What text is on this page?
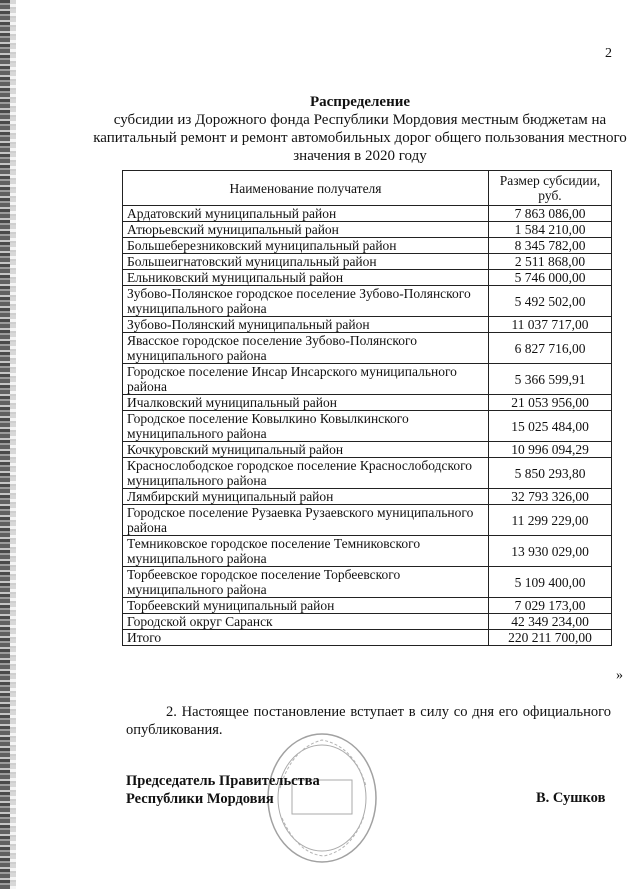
2
Распределение
субсидии из Дорожного фонда Республики Мордовия местным бюджетам на капитальный ремонт и ремонт автомобильных дорог общего пользования местного значения в 2020 году
Наименование получателя	Размер субсидии, руб.
Ардатовский муниципальный район	7 863 086,00
Атюрьевский муниципальный район	1 584 210,00
Большеберезниковский муниципальный район	8 345 782,00
Большеигнатовский муниципальный район	2 511 868,00
Ельниковский муниципальный район	5 746 000,00
Зубово-Полянское городское поселение Зубово-Полянского муниципального района	5 492 502,00
Зубово-Полянский муниципальный район	11 037 717,00
Явасское городское поселение Зубово-Полянского муниципального района	6 827 716,00
Городское поселение Инсар Инсарского муниципального района	5 366 599,91
Ичалковский муниципальный район	21 053 956,00
Городское поселение Ковылкино Ковылкинского муниципального района	15 025 484,00
Кочкуровский муниципальный район	10 996 094,29
Краснослободское городское поселение Краснослободского муниципального района	5 850 293,80
Лямбирский муниципальный район	32 793 326,00
Городское поселение Рузаевка Рузаевского муниципального района	11 299 229,00
Темниковское городское поселение Темниковского муниципального района	13 930 029,00
Торбеевское городское поселение Торбеевского муниципального района	5 109 400,00
Торбеевский муниципальный район	7 029 173,00
Городской округ Саранск	42 349 234,00
Итого	220 211 700,00
»
2. Настоящее постановление вступает в силу со дня его официального опубликования.
Председатель Правительства
Республики Мордовия	В. Сушков
